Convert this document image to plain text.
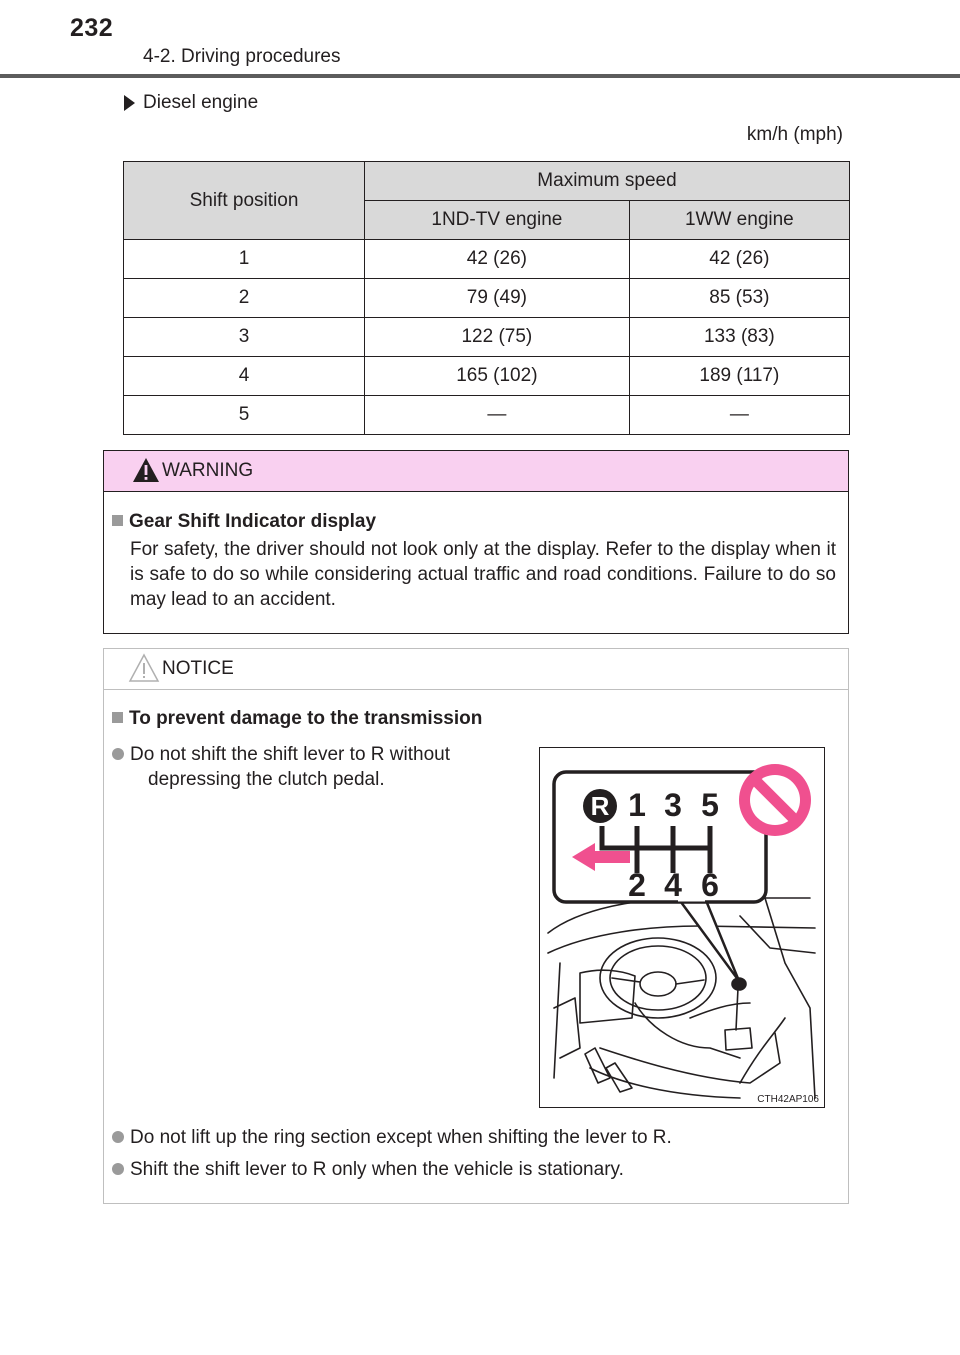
232
4-2. Driving procedures
Diesel engine
km/h (mph)
Shift position	Maximum speed	
	1ND-TV engine	1WW engine
1	42 (26)	42 (26)
2	79 (49)	85 (53)
3	122 (75)	133 (83)
4	165 (102)	189 (117)
5	—	—
WARNING
Gear Shift Indicator display
For safety, the driver should not look only at the display. Refer to the display when it is safe to do so while considering actual traffic and road conditions. Failure to do so may lead to an accident.
NOTICE
To prevent damage to the transmission
Do not shift the shift lever to R without
depressing the clutch pedal.
Do not lift up the ring section except when shifting the lever to R.
Shift the shift lever to R only when the vehicle is stationary.
R 1 3 5
2 4 6
CTH42AP106
